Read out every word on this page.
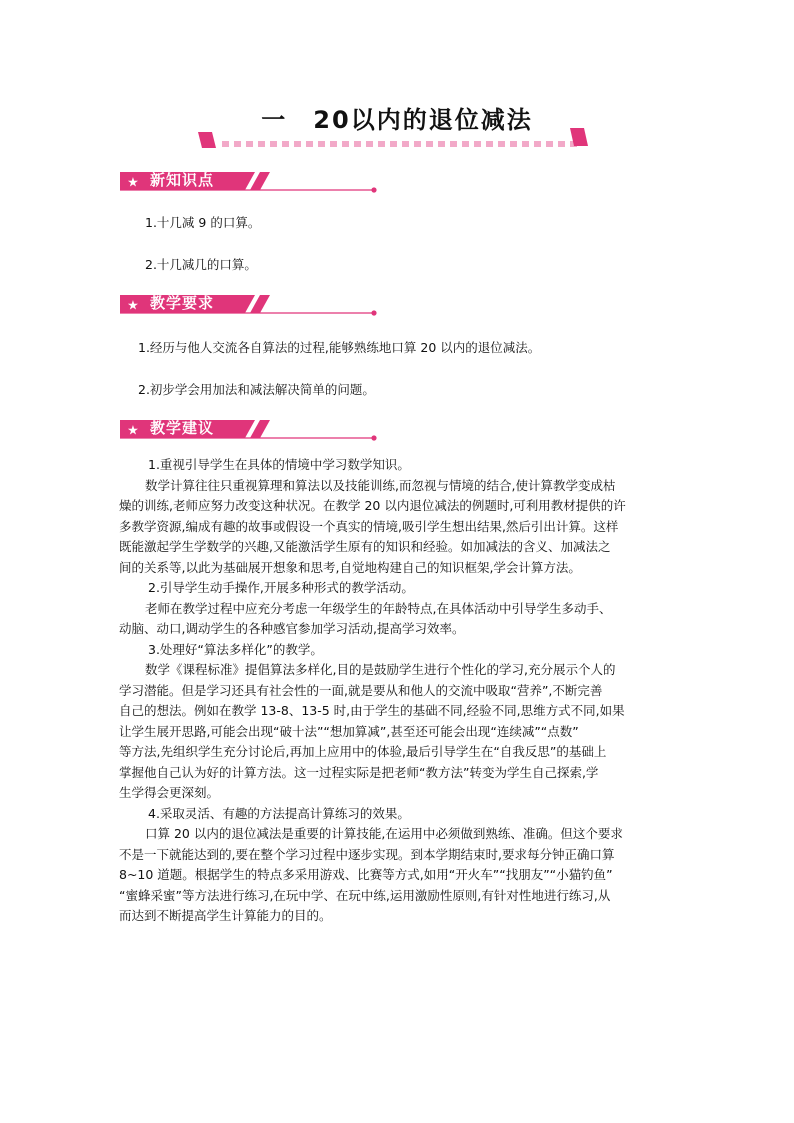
一　20以内的退位减法
★ 新知识点
1.十几减 9 的口算。
2.十几减几的口算。
★ 教学要求
1.经历与他人交流各自算法的过程,能够熟练地口算 20 以内的退位减法。
2.初步学会用加法和减法解决简单的问题。
★ 教学建议
1.重视引导学生在具体的情境中学习数学知识。
数学计算往往只重视算理和算法以及技能训练,而忽视与情境的结合,使计算教学变成枯
燥的训练,老师应努力改变这种状况。在教学 20 以内退位减法的例题时,可利用教材提供的许
多教学资源,编成有趣的故事或假设一个真实的情境,吸引学生想出结果,然后引出计算。这样
既能激起学生学数学的兴趣,又能激活学生原有的知识和经验。如加减法的含义、加减法之
间的关系等,以此为基础展开想象和思考,自觉地构建自己的知识框架,学会计算方法。
2.引导学生动手操作,开展多种形式的教学活动。
老师在教学过程中应充分考虑一年级学生的年龄特点,在具体活动中引导学生多动手、
动脑、动口,调动学生的各种感官参加学习活动,提高学习效率。
3.处理好“算法多样化”的教学。
数学《课程标准》提倡算法多样化,目的是鼓励学生进行个性化的学习,充分展示个人的
学习潜能。但是学习还具有社会性的一面,就是要从和他人的交流中吸取“营养”,不断完善
自己的想法。例如在教学 13-8、13-5 时,由于学生的基础不同,经验不同,思维方式不同,如果
让学生展开思路,可能会出现“破十法”“想加算减”,甚至还可能会出现“连续减”“点数”
等方法,先组织学生充分讨论后,再加上应用中的体验,最后引导学生在“自我反思”的基础上
掌握他自己认为好的计算方法。这一过程实际是把老师“教方法”转变为学生自己探索,学
生学得会更深刻。
4.采取灵活、有趣的方法提高计算练习的效果。
口算 20 以内的退位减法是重要的计算技能,在运用中必须做到熟练、准确。但这个要求
不是一下就能达到的,要在整个学习过程中逐步实现。到本学期结束时,要求每分钟正确口算
8~10 道题。根据学生的特点多采用游戏、比赛等方式,如用“开火车”“找朋友”“小猫钓鱼”
“蜜蜂采蜜”等方法进行练习,在玩中学、在玩中练,运用激励性原则,有针对性地进行练习,从
而达到不断提高学生计算能力的目的。
